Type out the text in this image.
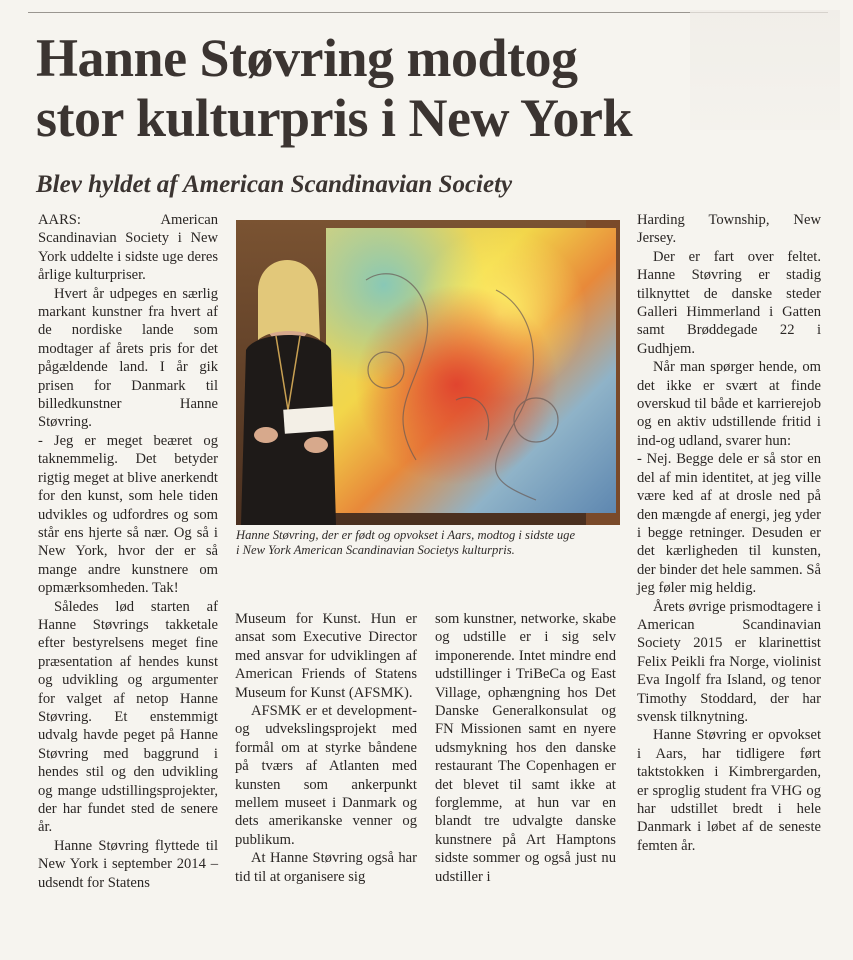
Hanne Støvring modtog
stor kulturpris i New York
Blev hyldet af American Scandinavian Society

AARS: American Scandinavian Society i New York uddelte i sidste uge deres årlige kulturpriser.

Hvert år udpeges en særlig markant kunstner fra hvert af de nordiske lande som modtager af årets pris for det pågældende land. I år gik prisen for Danmark til billedkunstner Hanne Støvring.

- Jeg er meget beæret og taknemmelig. Det betyder rigtig meget at blive anerkendt for den kunst, som hele tiden udvikles og udfordres og som står ens hjerte så nær. Og så i New York, hvor der er så mange andre kunstnere om opmærksomheden. Tak!

Således lød starten af Hanne Støvrings takketale efter bestyrelsens meget fine præsentation af hendes kunst og udvikling og argumenter for valget af netop Hanne Støvring. Et enstemmigt udvalg havde peget på Hanne Støvring med baggrund i hendes stil og den udvikling og mange udstillingsprojekter, der har fundet sted de senere år.

Hanne Støvring flyttede til New York i september 2014 – udsendt for Statens

Hanne Støvring, der er født og opvokset i Aars, modtog i sidste uge

i New York American Scandinavian Societys kulturpris.

Museum for Kunst. Hun er ansat som Executive Director med ansvar for udviklingen af American Friends of Statens Museum for Kunst (AFSMK).

AFSMK er et development- og udvekslingsprojekt med formål om at styrke båndene på tværs af Atlanten med kunsten som ankerpunkt mellem museet i Danmark og dets amerikanske venner og publikum.

At Hanne Støvring også har tid til at organisere sig

som kunstner, networke, skabe og udstille er i sig selv imponerende. Intet mindre end udstillinger i TriBeCa og East Village, ophængning hos Det Danske Generalkonsulat og FN Missionen samt en nyere udsmykning hos den danske restaurant The Copenhagen er det blevet til samt ikke at forglemme, at hun var en blandt tre udvalgte danske kunstnere på Art Hamptons sidste sommer og også just nu udstiller i

Harding Township, New Jersey.

Der er fart over feltet. Hanne Støvring er stadig tilknyttet de danske steder Galleri Himmerland i Gatten samt Brøddegade 22 i Gudhjem.

Når man spørger hende, om det ikke er svært at finde overskud til både et karrierejob og en aktiv udstillende fritid i ind-og udland, svarer hun:

- Nej. Begge dele er så stor en del af min identitet, at jeg ville være ked af at drosle ned på den mængde af energi, jeg yder i begge retninger. Desuden er det kærligheden til kunsten, der binder det hele sammen. Så jeg føler mig heldig.

Årets øvrige prismodtagere i American Scandinavian Society 2015 er klarinettist Felix Peikli fra Norge, violinist Eva Ingolf fra Island, og tenor Timothy Stoddard, der har svensk tilknytning.

Hanne Støvring er opvokset i Aars, har tidligere ført taktstokken i Kimbrergarden, er sproglig student fra VHG og har udstillet bredt i hele Danmark i løbet af de seneste femten år.
